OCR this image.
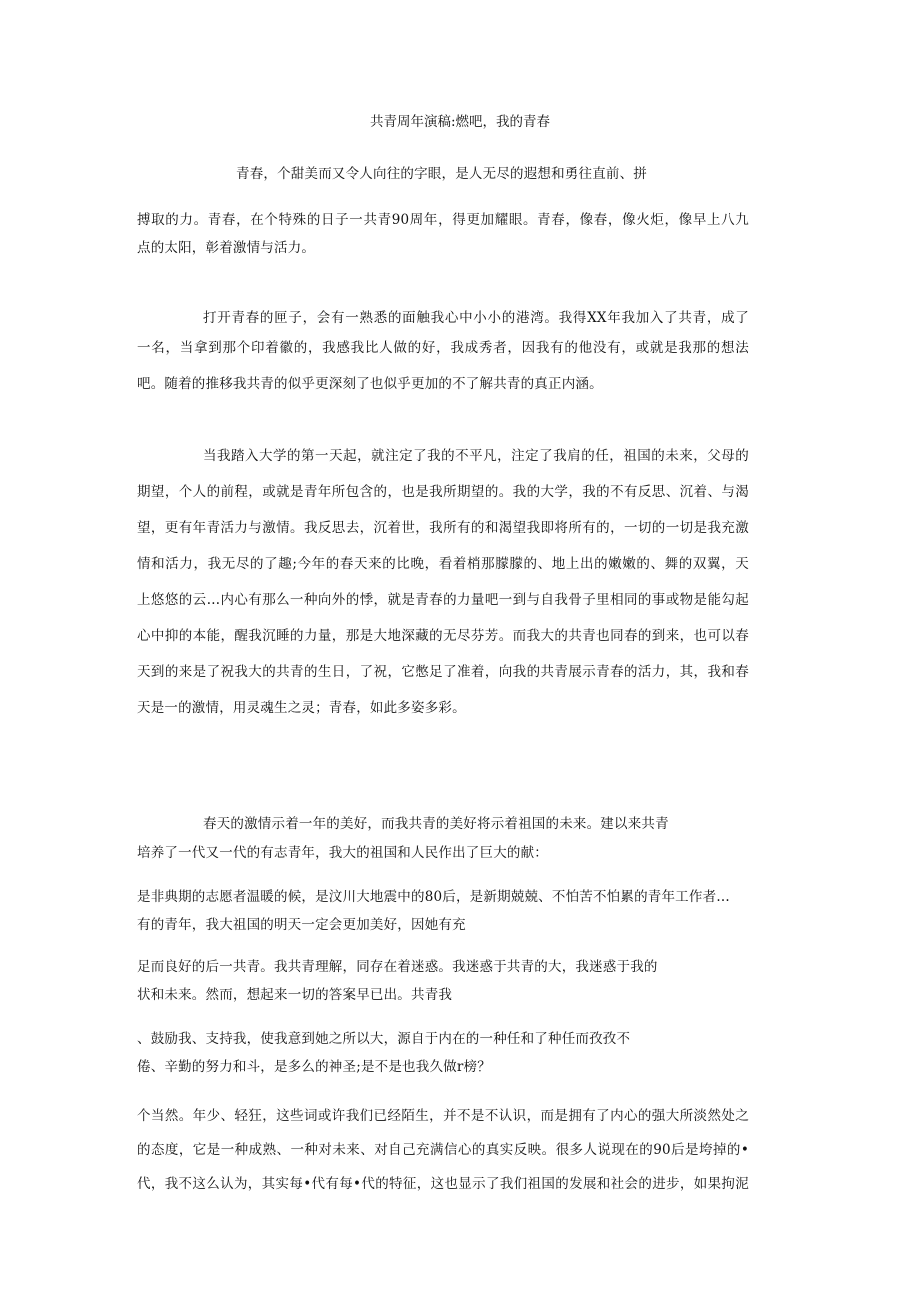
共青周年演稿:燃吧，我的青春
青春，个甜美而又令人向往的字眼，是人无尽的遐想和勇往直前、拼
搏取的力。青春，在个特殊的日子一共青90周年，得更加耀眼。青春，像春，像火炬，像早上八九
点的太阳，彰着激情与活力。
打开青春的匣子，会有一熟悉的面触我心中小小的港湾。我得XX年我加入了共青，成了
一名，当拿到那个印着徽的，我感我比人做的好，我成秀者，因我有的他没有，或就是我那的想法
吧。随着的推移我共青的似乎更深刻了也似乎更加的不了解共青的真正内涵。
当我踏入大学的第一天起，就注定了我的不平凡，注定了我肩的任，祖国的未来，父母的
期望，个人的前程，或就是青年所包含的，也是我所期望的。我的大学，我的不有反思、沉着、与渴
望，更有年青活力与激情。我反思去，沉着世，我所有的和渴望我即将所有的，一切的一切是我充激
情和活力，我无尽的了趣;今年的春天来的比晚，看着梢那朦朦的、地上出的嫩嫩的、舞的双翼，天
上悠悠的云…内心有那么一种向外的悸，就是青春的力量吧一到与自我骨子里相同的事或物是能勾起
心中抑的本能，醒我沉睡的力量，那是大地深藏的无尽芬芳。而我大的共青也同春的到来，也可以春
天到的来是了祝我大的共青的生日，了祝，它憋足了准着，向我的共青展示青春的活力，其，我和春
天是一的激情，用灵魂生之灵；青春，如此多姿多彩。
春天的激情示着一年的美好，而我共青的美好将示着祖国的未来。建以来共青
培养了一代又一代的有志青年，我大的祖国和人民作出了巨大的献：
是非典期的志愿者温暖的候，是汶川大地震中的80后，是新期兢兢、不怕苦不怕累的青年工作者…
有的青年，我大祖国的明天一定会更加美好，因她有充
足而良好的后一共青。我共青理解，同存在着迷惑。我迷惑于共青的大，我迷惑于我的
状和未来。然而，想起来一切的答案早已出。共青我
、鼓励我、支持我，使我意到她之所以大，源自于内在的一种任和了种任而孜孜不
倦、辛勤的努力和斗，是多么的神圣;是不是也我久做r榜？
个当然。年少、轻狂，这些词或许我们已经陌生，并不是不认识，而是拥有了内心的强大所淡然处之
的态度，它是一种成熟、一种对未来、对自己充满信心的真实反映。很多人说现在的90后是垮掉的•
代，我不这么认为，其实每•代有每•代的特征，这也显示了我们祖国的发展和社会的进步，如果拘泥
